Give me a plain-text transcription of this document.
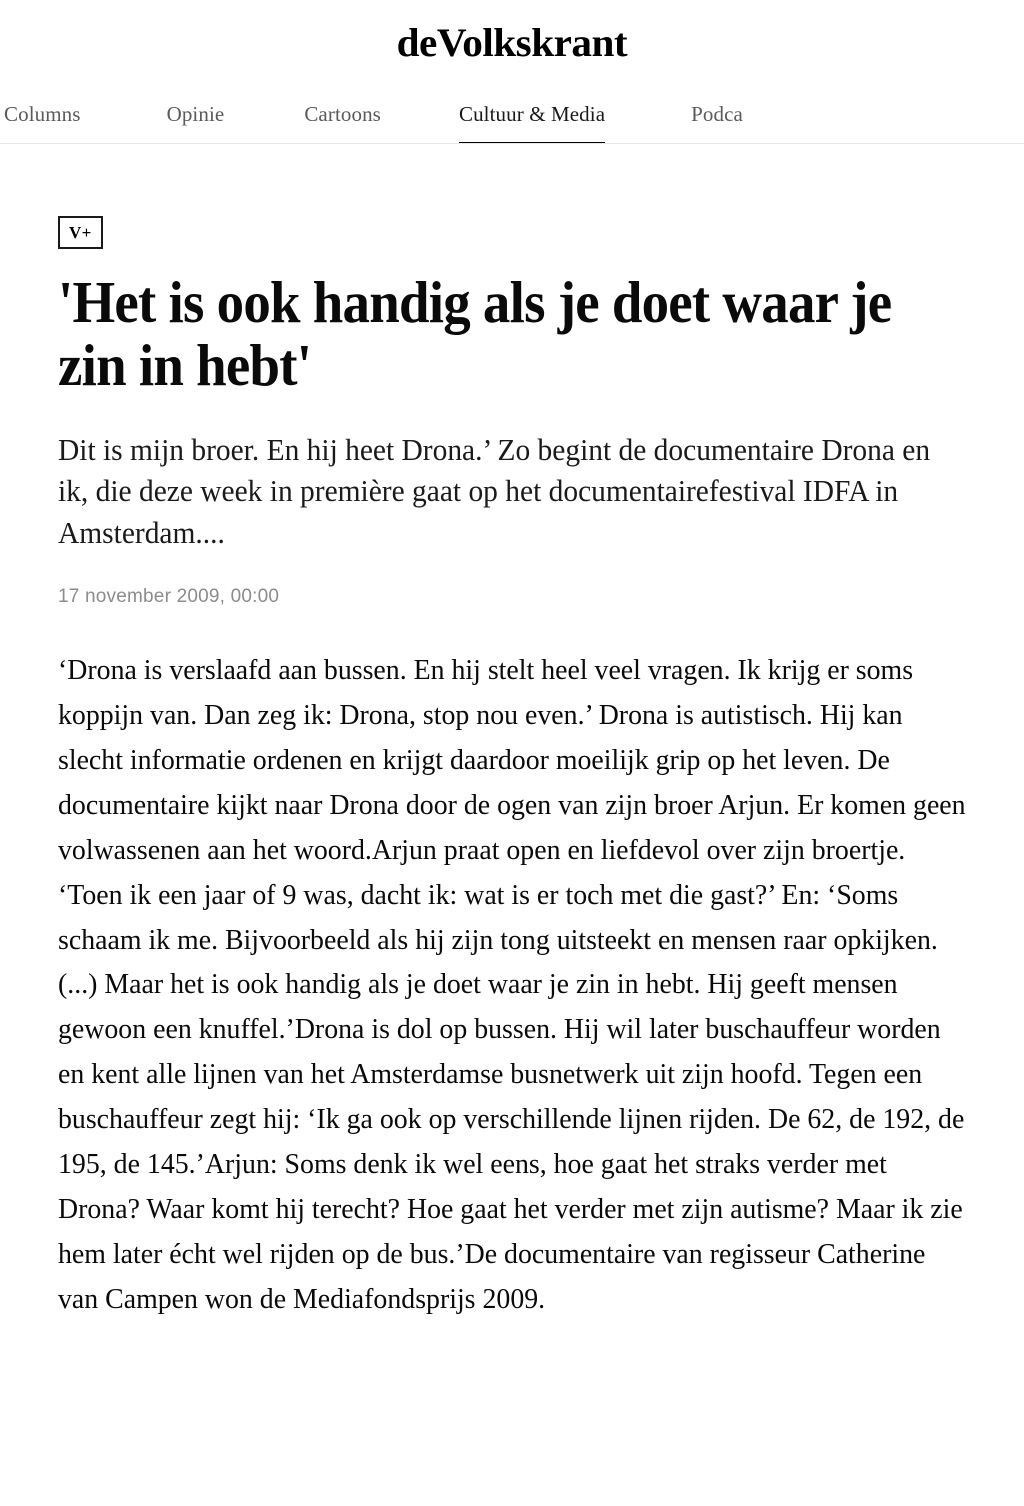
deVolkskrant
Columns	Opinie	Cartoons	Cultuur & Media	Podca
V+
'Het is ook handig als je doet waar je zin in hebt'

Dit is mijn broer. En hij heet Drona.’ Zo begint de documentaire Drona en ik, die deze week in première gaat op het documentairefestival IDFA in Amsterdam....

17 november 2009, 00:00
‘Drona is verslaafd aan bussen. En hij stelt heel veel vragen. Ik krijg er soms koppijn van. Dan zeg ik: Drona, stop nou even.’ Drona is autistisch. Hij kan slecht informatie ordenen en krijgt daardoor moeilijk grip op het leven. De documentaire kijkt naar Drona door de ogen van zijn broer Arjun. Er komen geen volwassenen aan het woord.Arjun praat open en liefdevol over zijn broertje. ‘Toen ik een jaar of 9 was, dacht ik: wat is er toch met die gast?’ En: ‘Soms schaam ik me. Bijvoorbeeld als hij zijn tong uitsteekt en mensen raar opkijken. (...) Maar het is ook handig als je doet waar je zin in hebt. Hij geeft mensen gewoon een knuffel.’Drona is dol op bussen. Hij wil later buschauffeur worden en kent alle lijnen van het Amsterdamse busnetwerk uit zijn hoofd. Tegen een buschauffeur zegt hij: ‘Ik ga ook op verschillende lijnen rijden. De 62, de 192, de 195, de 145.’Arjun: Soms denk ik wel eens, hoe gaat het straks verder met Drona? Waar komt hij terecht? Hoe gaat het verder met zijn autisme? Maar ik zie hem later écht wel rijden op de bus.’De documentaire van regisseur Catherine van Campen won de Mediafondsprijs 2009.
